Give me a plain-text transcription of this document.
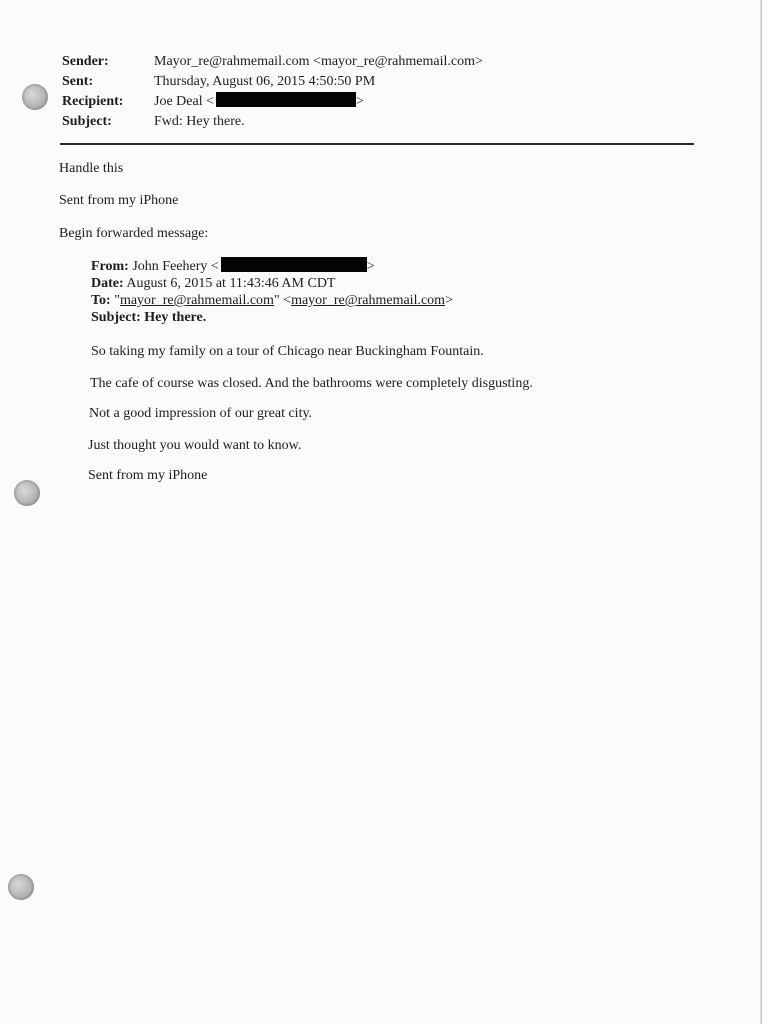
Sender:	Mayor_re@rahmemail.com <mayor_re@rahmemail.com>
Sent:	Thursday, August 06, 2015 4:50:50 PM
Recipient:	Joe Deal <	>
Subject:	Fwd: Hey there.
Handle this
Sent from my iPhone
Begin forwarded message:
From: John Feehery <	>
Date: August 6, 2015 at 11:43:46 AM CDT
To: "mayor_re@rahmemail.com" <mayor_re@rahmemail.com>
Subject: Hey there.
So taking my family on a tour of Chicago near Buckingham Fountain.
The cafe of course was closed. And the bathrooms were completely disgusting.
Not a good impression of our great city.
Just thought you would want to know.
Sent from my iPhone
